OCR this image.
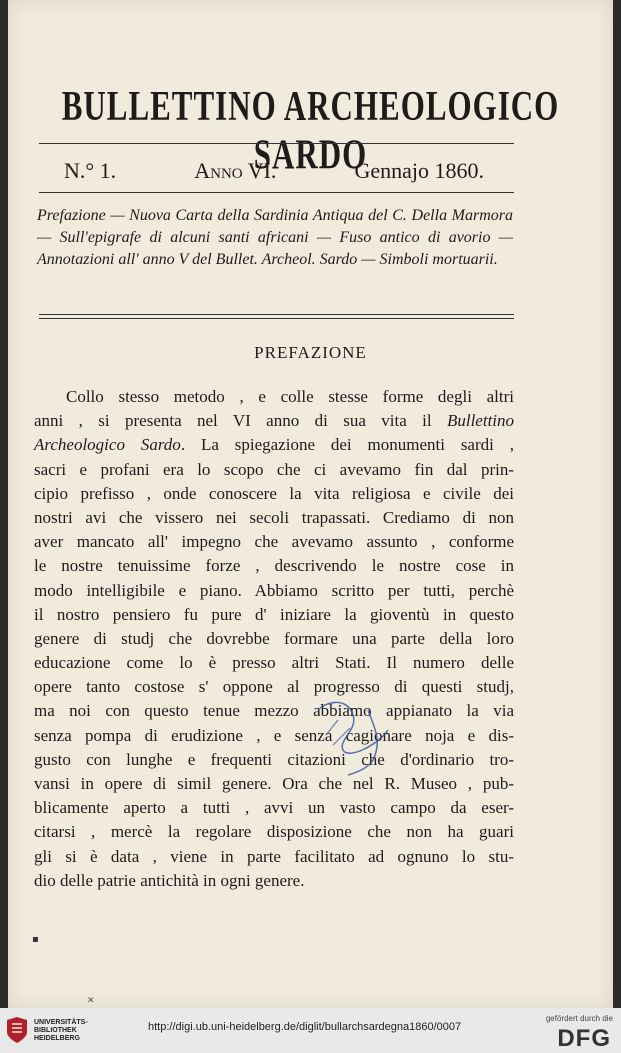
BULLETTINO ARCHEOLOGICO SARDO
N.° 1.	Anno VI.	Gennajo 1860.
Prefazione — Nuova Carta della Sardinia Antiqua del C. Della Marmora — Sull'epigrafe di alcuni santi africani — Fuso antico di avorio — Annotazioni all' anno V del Bullet. Archeol. Sardo — Simboli mortuarii.
PREFAZIONE
Collo stesso metodo , e colle stesse forme degli altri
anni , si presenta nel VI anno di sua vita il Bullettino
Archeologico Sardo. La spiegazione dei monumenti sardi ,
sacri e profani era lo scopo che ci avevamo fin dal prin-
cipio prefisso , onde conoscere la vita religiosa e civile dei
nostri avi che vissero nei secoli trapassati. Crediamo di non
aver mancato all' impegno che avevamo assunto , conforme
le nostre tenuissime forze , descrivendo le nostre cose in
modo intelligibile e piano. Abbiamo scritto per tutti, perchè
il nostro pensiero fu pure d' iniziare la gioventù in questo
genere di studj che dovrebbe formare una parte della loro
educazione come lo è presso altri Stati. Il numero delle
opere tanto costose s' oppone al progresso di questi studj,
ma noi con questo tenue mezzo abbiamo appianato la via
senza pompa di erudizione , e senza cagionare noja e dis-
gusto con lunghe e frequenti citazioni che d'ordinario tro-
vansi in opere di simil genere. Ora che nel R. Museo , pub-
blicamente aperto a tutti , avvi un vasto campo da eser-
citarsi , mercè la regolare disposizione che non ha guari
gli si è data , viene in parte facilitato ad ognuno lo stu-
dio delle patrie antichità in ogni genere.
▪
✕
UNIVERSITÄTS-
BIBLIOTHEK
HEIDELBERG
http://digi.ub.uni-heidelberg.de/diglit/bullarchsardegna1860/0007
gefördert durch die
DFG
